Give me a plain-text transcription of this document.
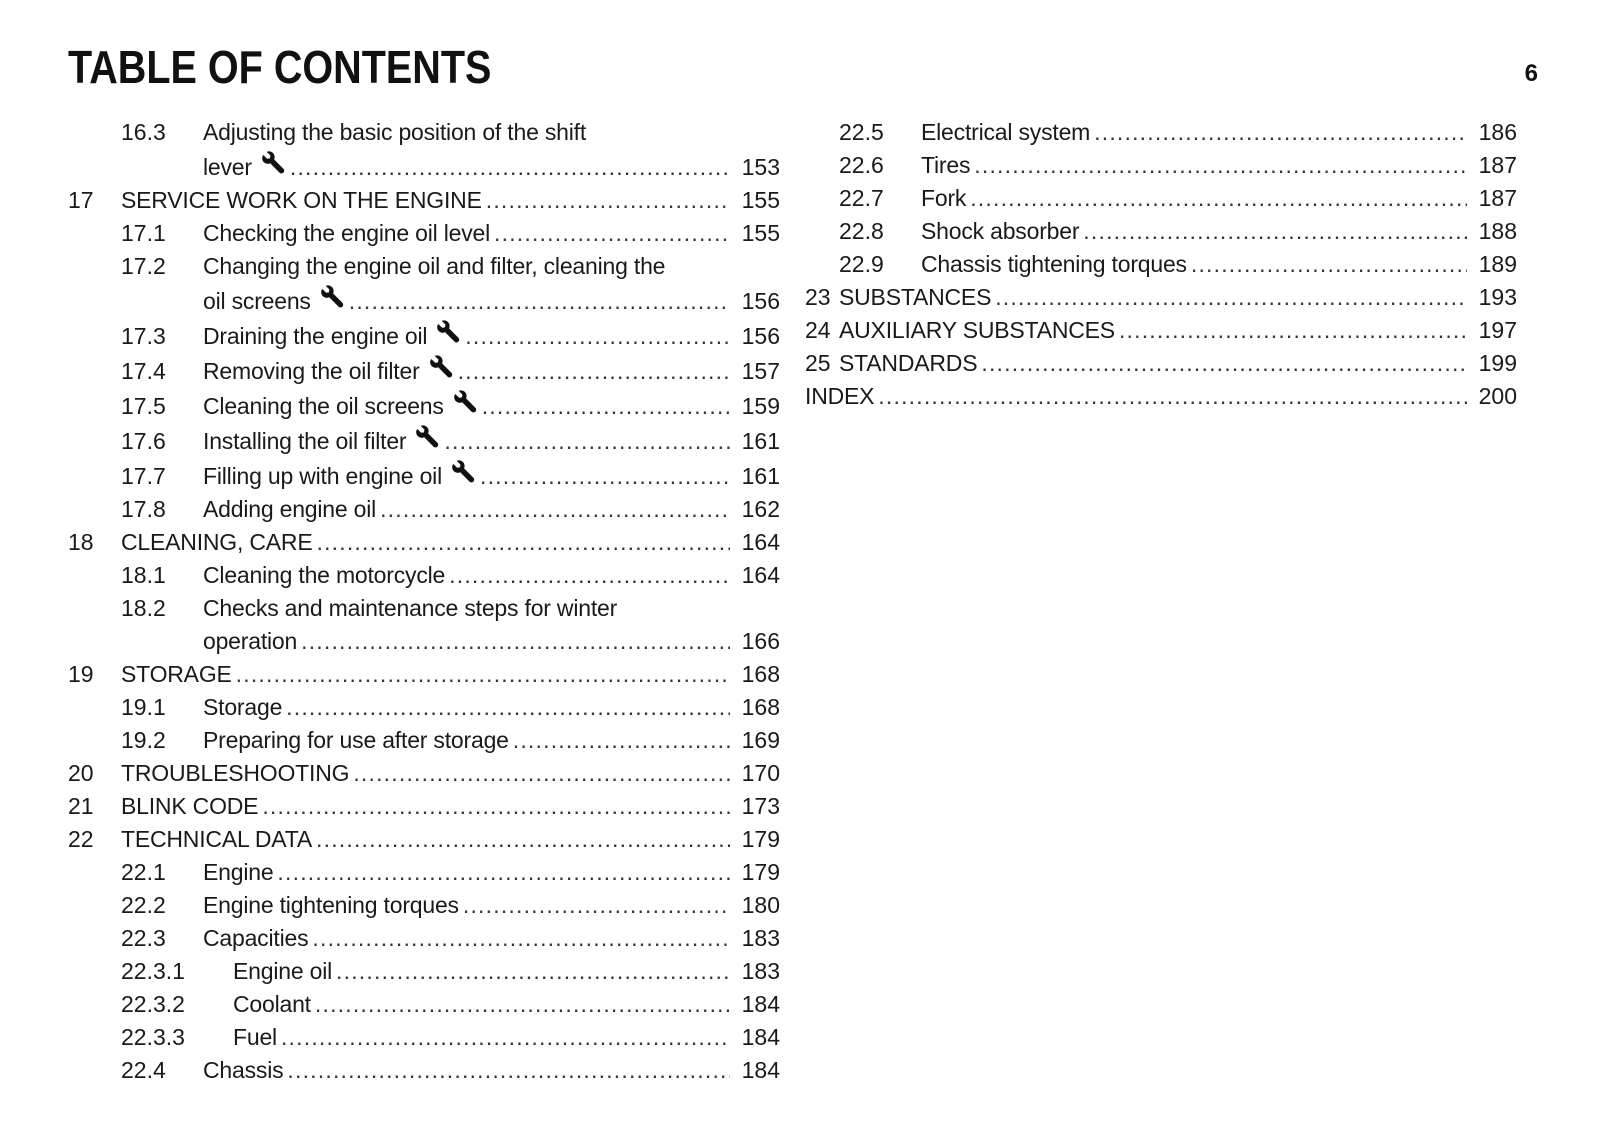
TABLE OF CONTENTS	6
16.3	Adjusting the basic position of the shift
lever .....	153
17	SERVICE WORK ON THE ENGINE .....	155
17.1	Checking the engine oil level .....	155
17.2	Changing the engine oil and filter, cleaning the
oil screens .....	156
17.3	Draining the engine oil .....	156
17.4	Removing the oil filter .....	157
17.5	Cleaning the oil screens .....	159
17.6	Installing the oil filter .....	161
17.7	Filling up with engine oil .....	161
17.8	Adding engine oil .....	162
18	CLEANING, CARE .....	164
18.1	Cleaning the motorcycle .....	164
18.2	Checks and maintenance steps for winter
operation .....	166
19	STORAGE .....	168
19.1	Storage .....	168
19.2	Preparing for use after storage .....	169
20	TROUBLESHOOTING .....	170
21	BLINK CODE .....	173
22	TECHNICAL DATA .....	179
22.1	Engine .....	179
22.2	Engine tightening torques .....	180
22.3	Capacities .....	183
22.3.1	Engine oil .....	183
22.3.2	Coolant .....	184
22.3.3	Fuel .....	184
22.4	Chassis .....	184
22.5	Electrical system .....	186
22.6	Tires .....	187
22.7	Fork .....	187
22.8	Shock absorber .....	188
22.9	Chassis tightening torques .....	189
23 SUBSTANCES .....	193
24 AUXILIARY SUBSTANCES .....	197
25 STANDARDS .....	199
INDEX .....	200
